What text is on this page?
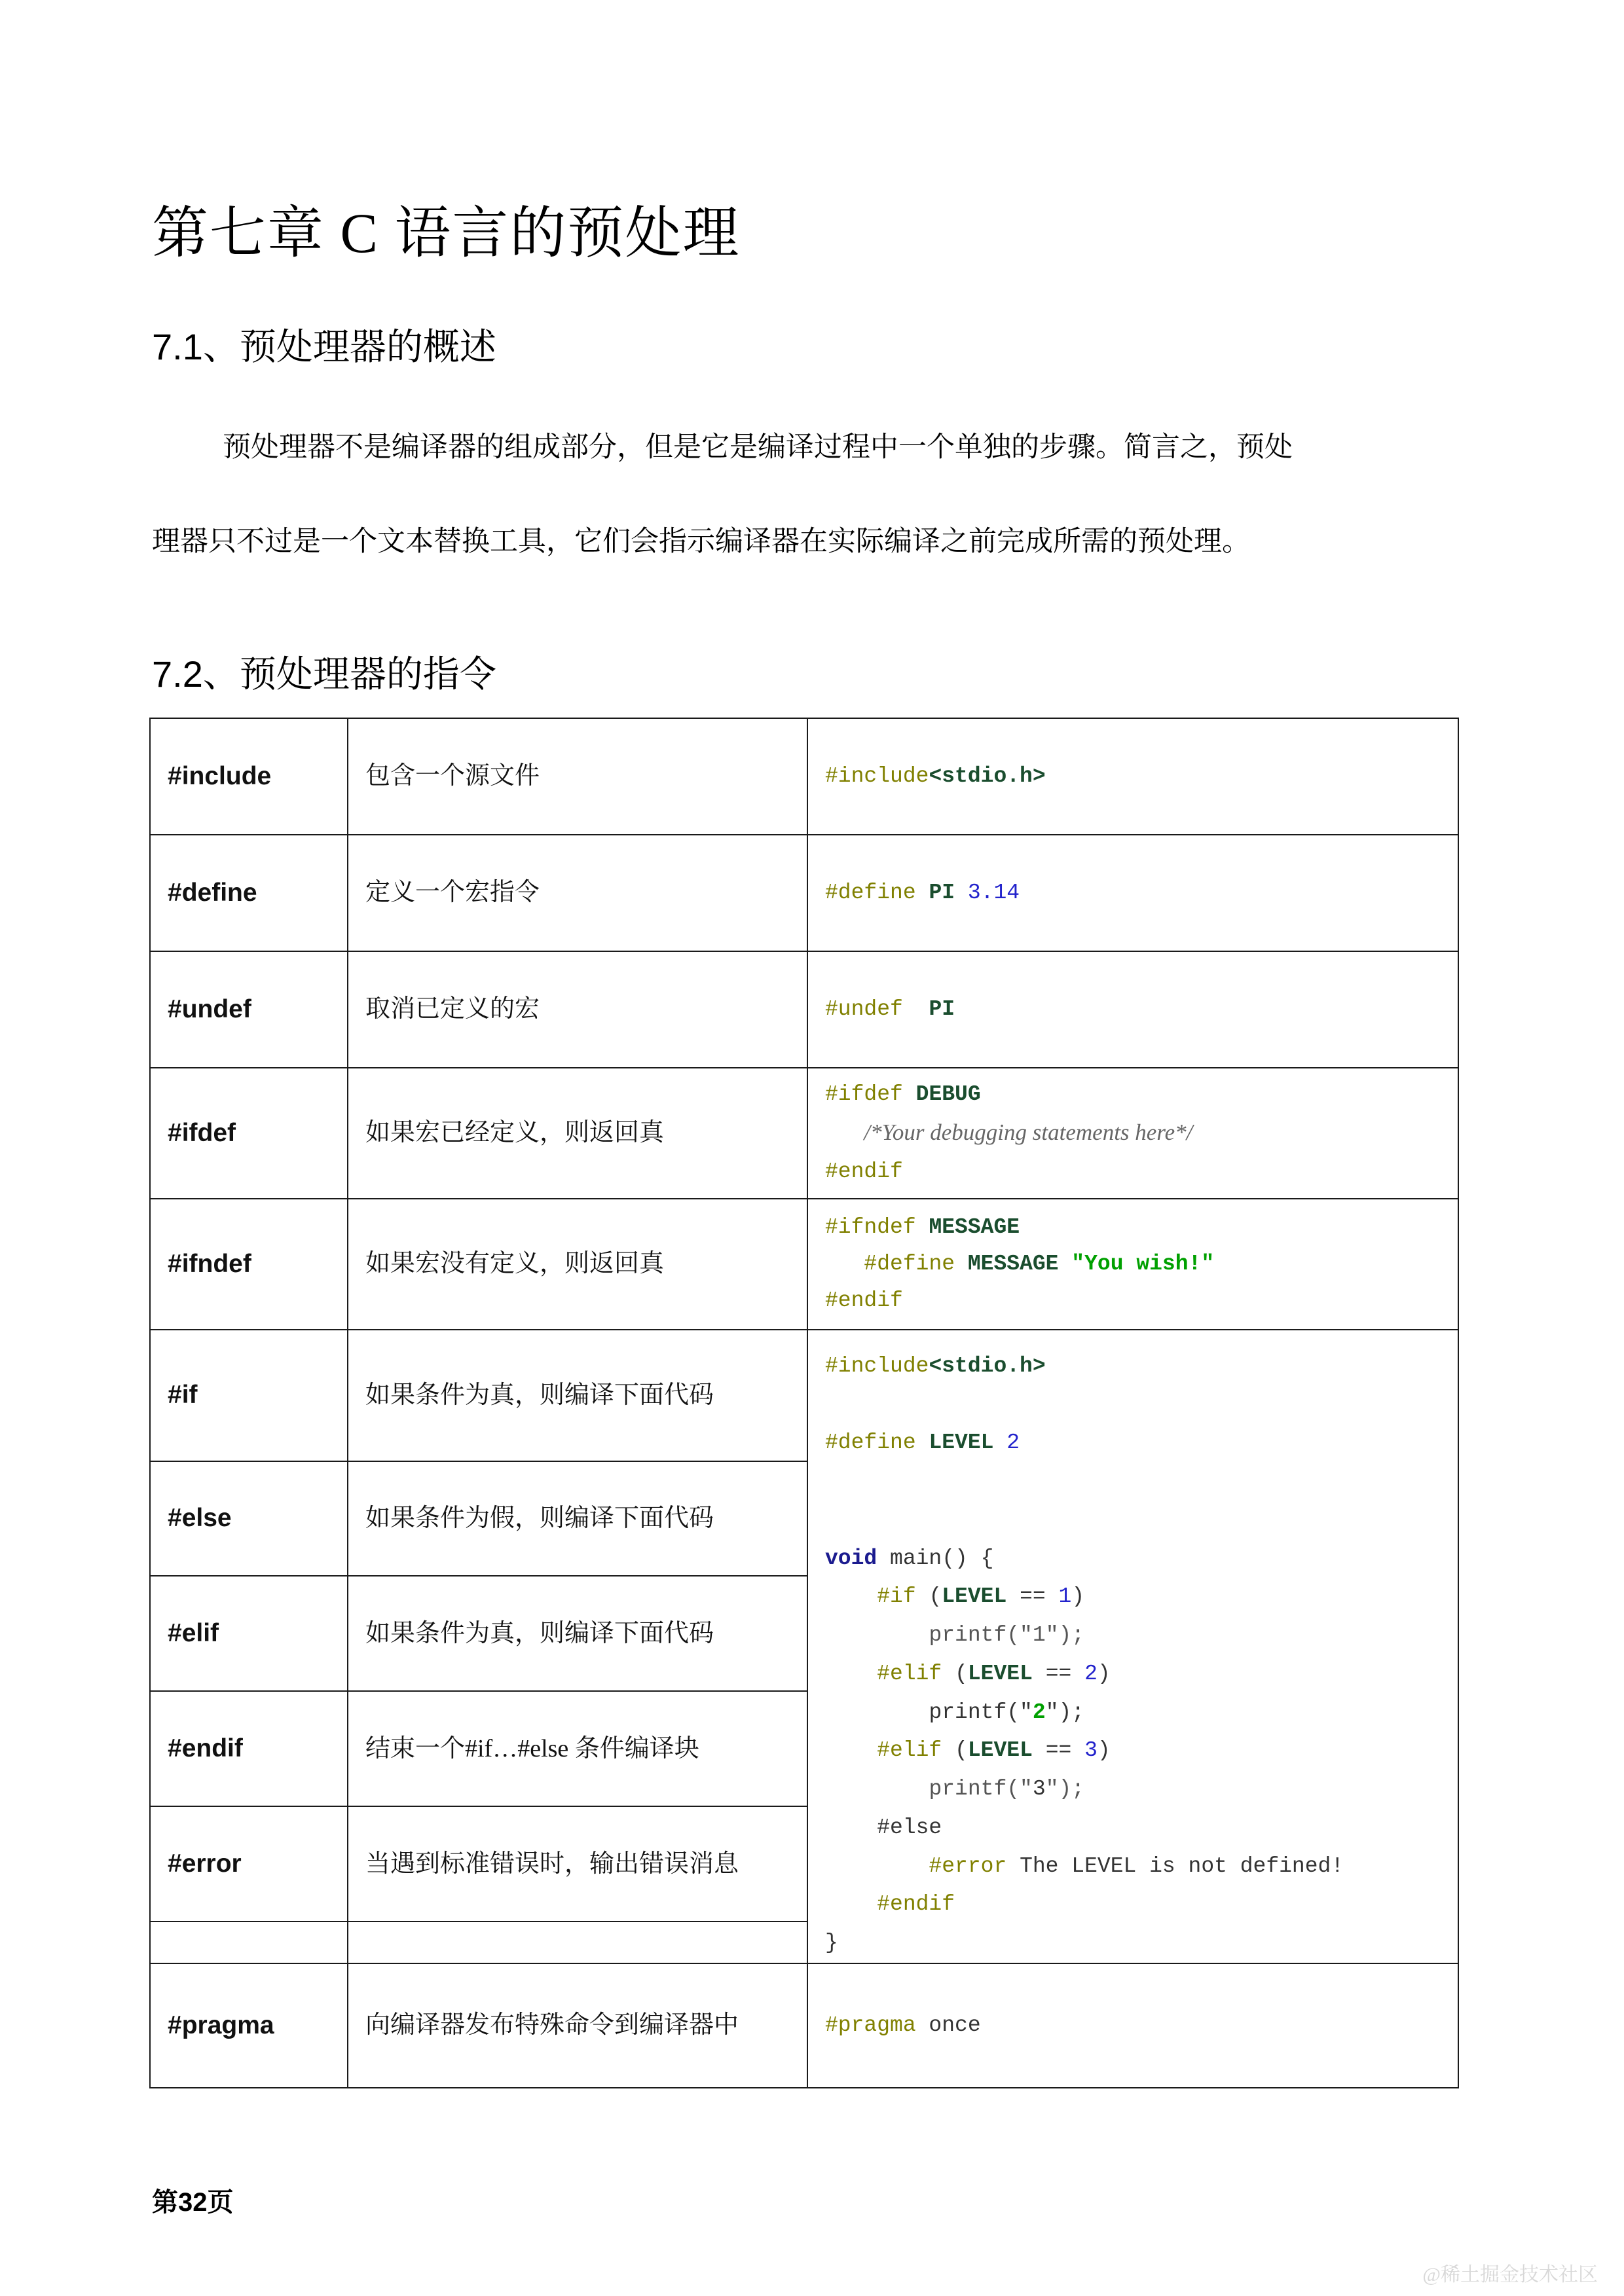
第七章 C 语言的预处理
7.1、预处理器的概述
预处理器不是编译器的组成部分，但是它是编译过程中一个单独的步骤。简言之，预处
理器只不过是一个文本替换工具，它们会指示编译器在实际编译之前完成所需的预处理。
7.2、预处理器的指令
#include	包含一个源文件	#include<stdio.h>

#define	定义一个宏指令	#define PI 3.14

#undef	取消已定义的宏	#undef PI

#ifdef	如果宏已经定义，则返回真	#ifdef DEBUG
/*Your debugging statements here*/
#endif

#ifndef	如果宏没有定义，则返回真	#ifndef MESSAGE
#define MESSAGE "You wish!"
#endif

#if	如果条件为真，则编译下面代码	
#include<stdio.h>

#define LEVEL 2

void main() {
#if (LEVEL == 1)
printf("1");
#elif (LEVEL == 2)
printf("2");
#elif (LEVEL == 3)
printf("3");
#else
#error The LEVEL is not defined!
#endif
}

#else	如果条件为假，则编译下面代码	
#elif	如果条件为真，则编译下面代码	
#endif	结束一个#if…#else 条件编译块	
#error	当遇到标准错误时，输出错误消息	

#pragma	向编译器发布特殊命令到编译器中	#pragma once
第32页
@稀土掘金技术社区
